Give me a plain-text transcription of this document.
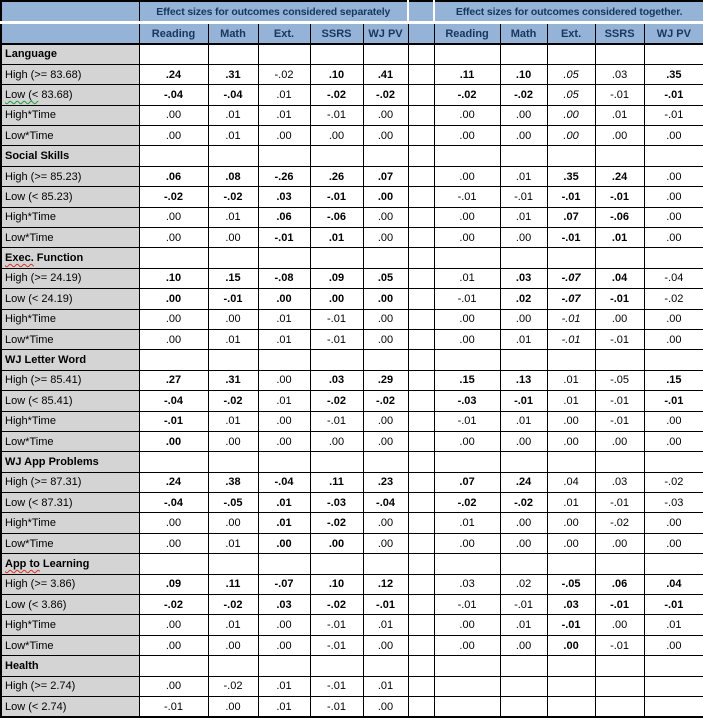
	Effect sizes for outcomes considered separately						Effect sizes for outcomes considered together.				
	Reading	Math	Ext.	SSRS	WJ PV		Reading	Math	Ext.	SSRS	WJ PV
Language											
High (>= 83.68)	.24	.31	-.02	.10	.41		.11	.10	.05	.03	.35
Low (< 83.68)	-.04	-.04	.01	-.02	-.02		-.02	-.02	.05	-.01	-.01
High*Time	.00	.01	.01	-.01	.00		.00	.00	.00	.01	-.01
Low*Time	.00	.01	.00	.00	.00		.00	.00	.00	.00	.00
Social Skills											
High (>= 85.23)	.06	.08	-.26	.26	.07		.00	.01	.35	.24	.00
Low (< 85.23)	-.02	-.02	.03	-.01	.00		-.01	-.01	-.01	-.01	.00
High*Time	.00	.01	.06	-.06	.00		.00	.01	.07	-.06	.00
Low*Time	.00	.00	-.01	.01	.00		.00	.00	-.01	.01	.00
Exec. Function											
High (>= 24.19)	.10	.15	-.08	.09	.05		.01	.03	-.07	.04	-.04
Low (< 24.19)	.00	-.01	.00	.00	.00		-.01	.02	-.07	-.01	-.02
High*Time	.00	.00	.01	-.01	.00		.00	.00	-.01	.00	.00
Low*Time	.00	.01	.01	-.01	.00		.00	.01	-.01	-.01	.00
WJ Letter Word											
High (>= 85.41)	.27	.31	.00	.03	.29		.15	.13	.01	-.05	.15
Low (< 85.41)	-.04	-.02	.01	-.02	-.02		-.03	-.01	.01	-.01	-.01
High*Time	-.01	.01	.00	-.01	.00		-.01	.01	.00	-.01	.00
Low*Time	.00	.00	.00	.00	.00		.00	.00	.00	.00	.00
WJ App Problems											
High (>= 87.31)	.24	.38	-.04	.11	.23		.07	.24	.04	.03	-.02
Low (< 87.31)	-.04	-.05	.01	-.03	-.04		-.02	-.02	.01	-.01	-.03
High*Time	.00	.00	.01	-.02	.00		.01	.00	.00	-.02	.00
Low*Time	.00	.01	.00	.00	.00		.00	.00	.00	.00	.00
App to Learning											
High (>= 3.86)	.09	.11	-.07	.10	.12		.03	.02	-.05	.06	.04
Low (< 3.86)	-.02	-.02	.03	-.02	-.01		-.01	-.01	.03	-.01	-.01
High*Time	.00	.01	.00	-.01	.01		.00	.01	-.01	.00	.01
Low*Time	.00	.00	.00	-.01	.00		.00	.00	.00	-.01	.00
Health											
High (>= 2.74)	.00	-.02	.01	-.01	.01						
Low (< 2.74)	-.01	.00	.01	-.01	.00						
